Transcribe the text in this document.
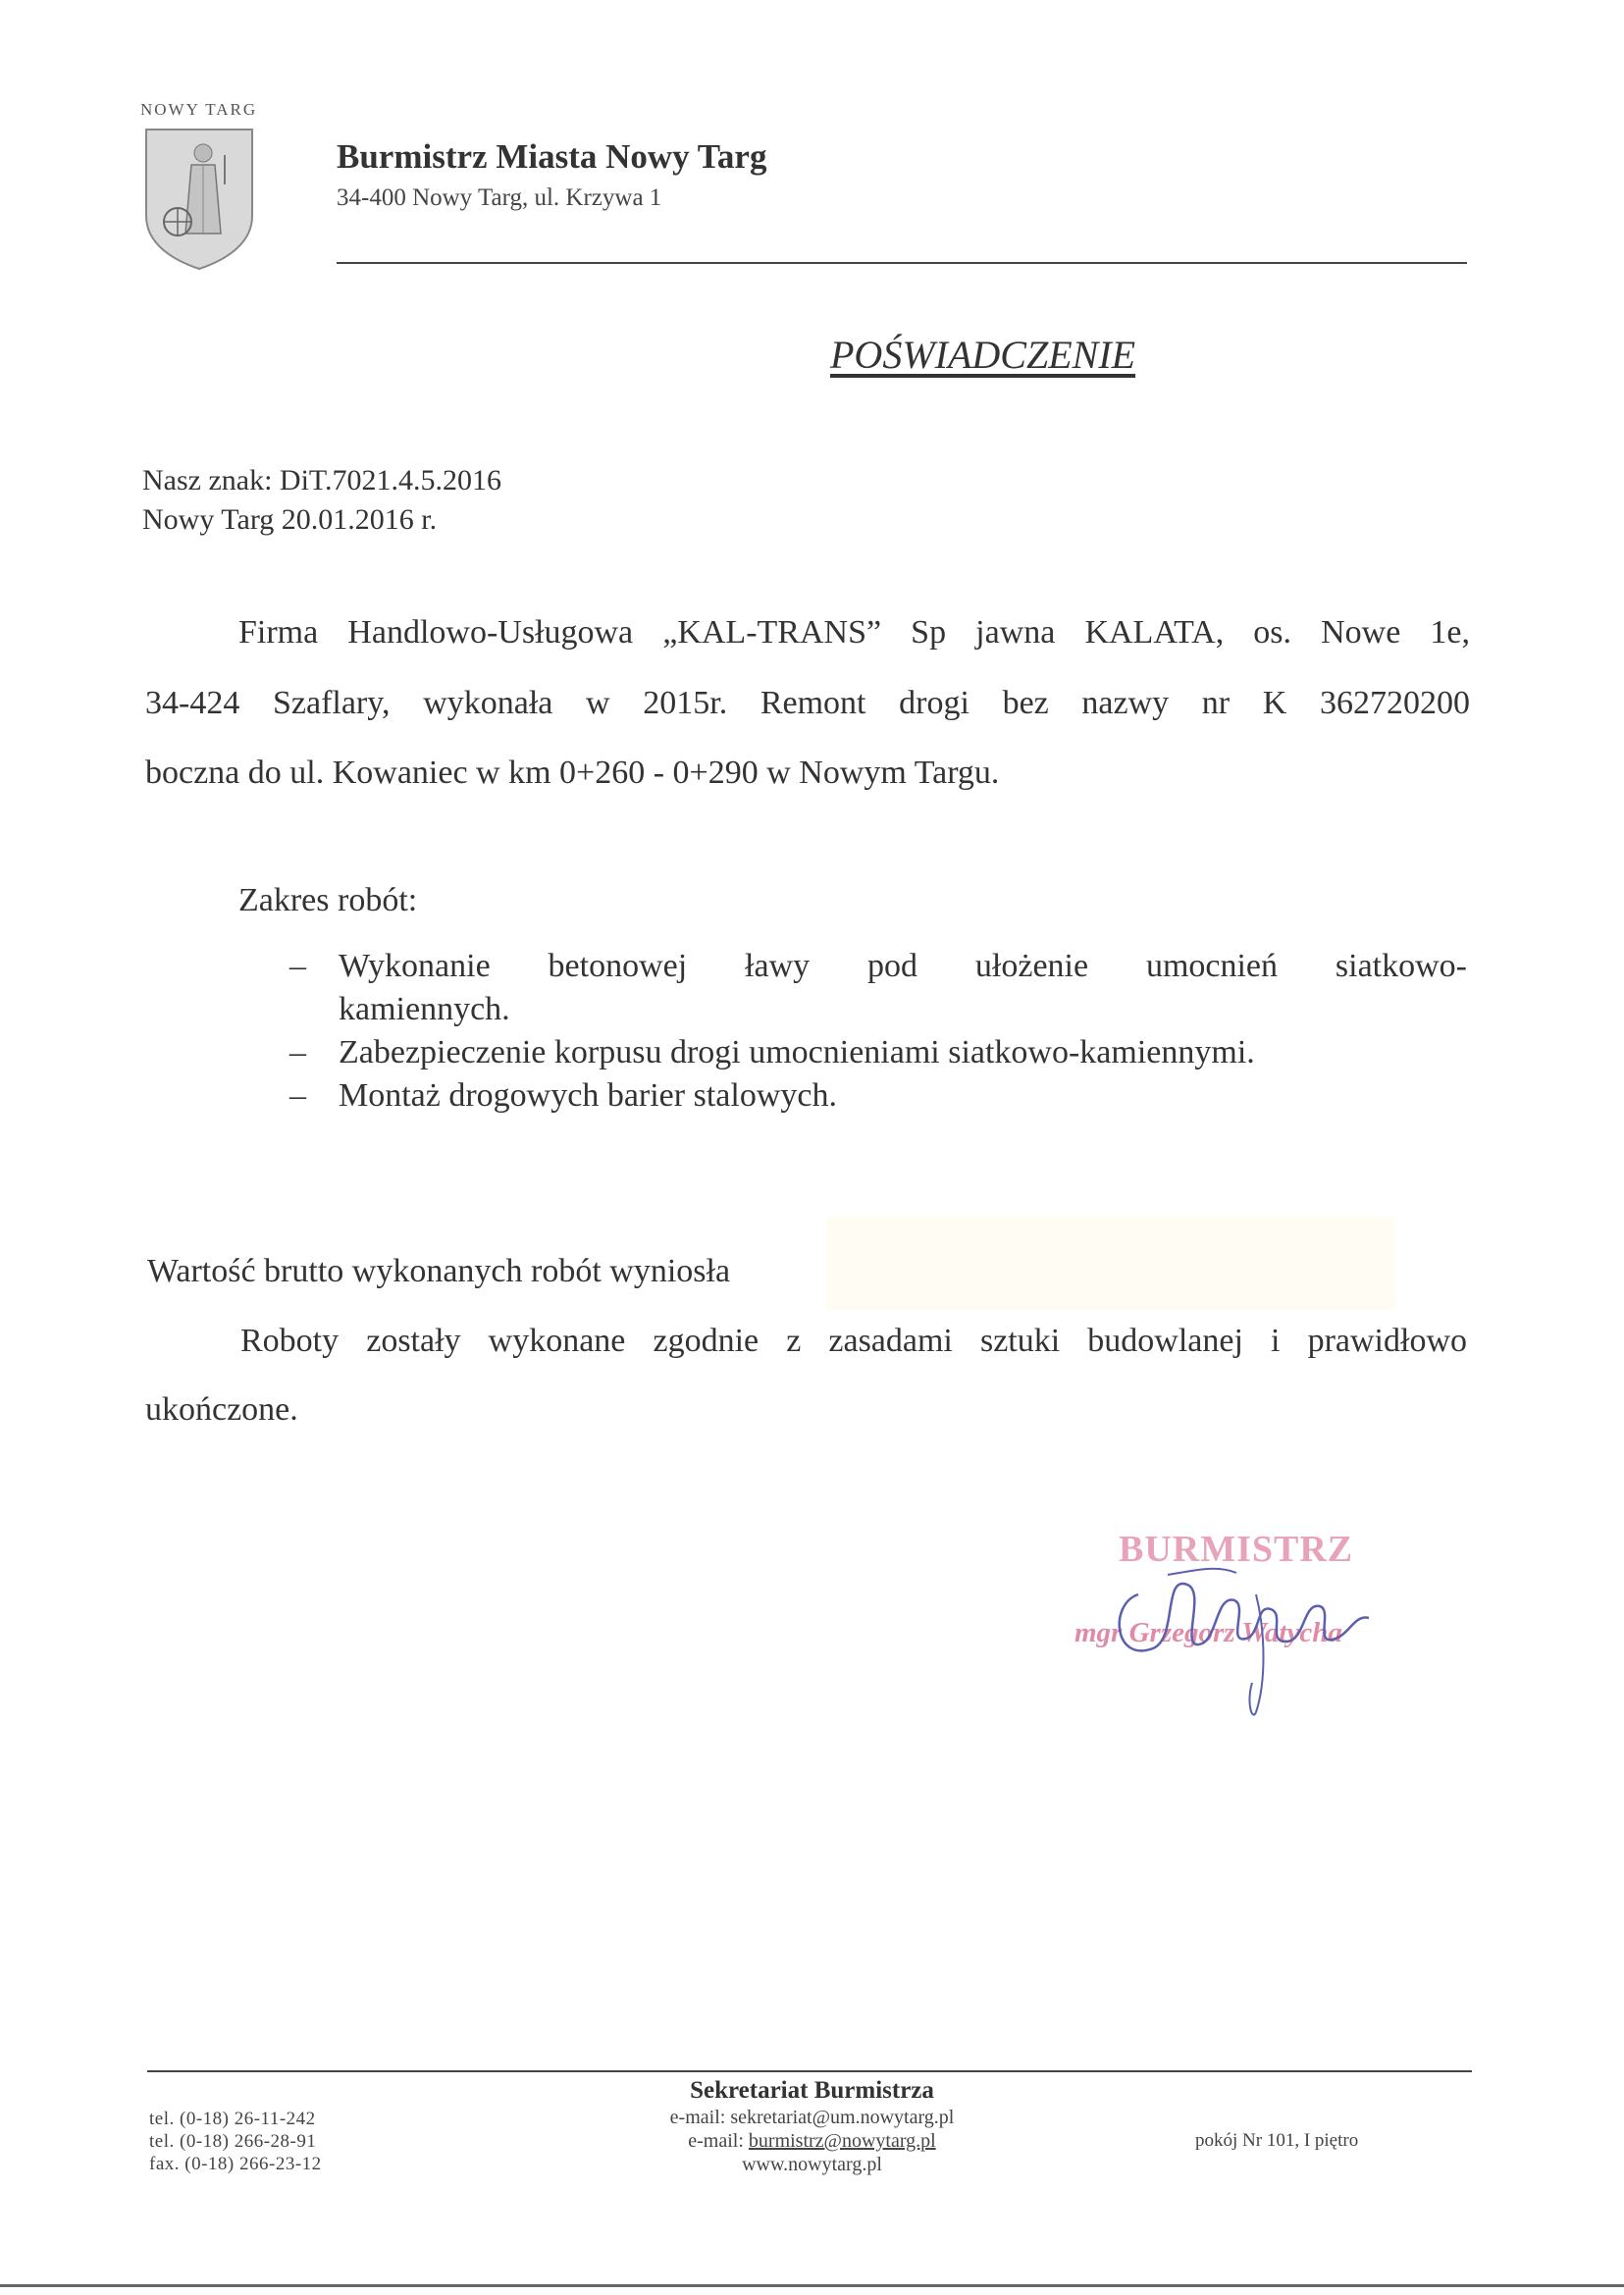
NOWY TARG
Burmistrz Miasta Nowy Targ
34-400 Nowy Targ, ul. Krzywa 1
POŚWIADCZENIE
Nasz znak: DiT.7021.4.5.2016
Nowy Targ 20.01.2016 r.
Firma Handlowo-Usługowa „KAL-TRANS” Sp jawna KALATA, os. Nowe 1e,
34-424 Szaflary, wykonała w 2015r. Remont drogi bez nazwy nr K 362720200
boczna do ul. Kowaniec w km 0+260 - 0+290 w Nowym Targu.
Zakres robót:
– Wykonanie betonowej ławy pod ułożenie umocnień siatkowo-
kamiennych.
– Zabezpieczenie korpusu drogi umocnieniami siatkowo-kamiennymi.
– Montaż drogowych barier stalowych.
Wartość brutto wykonanych robót wyniosła
Roboty zostały wykonane zgodnie z zasadami sztuki budowlanej i prawidłowo
ukończone.
BURMISTRZ
mgr Grzegorz Watycha
Sekretariat Burmistrza
tel. (0-18) 26-11-242
tel. (0-18) 266-28-91
fax. (0-18) 266-23-12
e-mail: sekretariat@um.nowytarg.pl
e-mail: burmistrz@nowytarg.pl
www.nowytarg.pl
pokój Nr 101, I piętro
